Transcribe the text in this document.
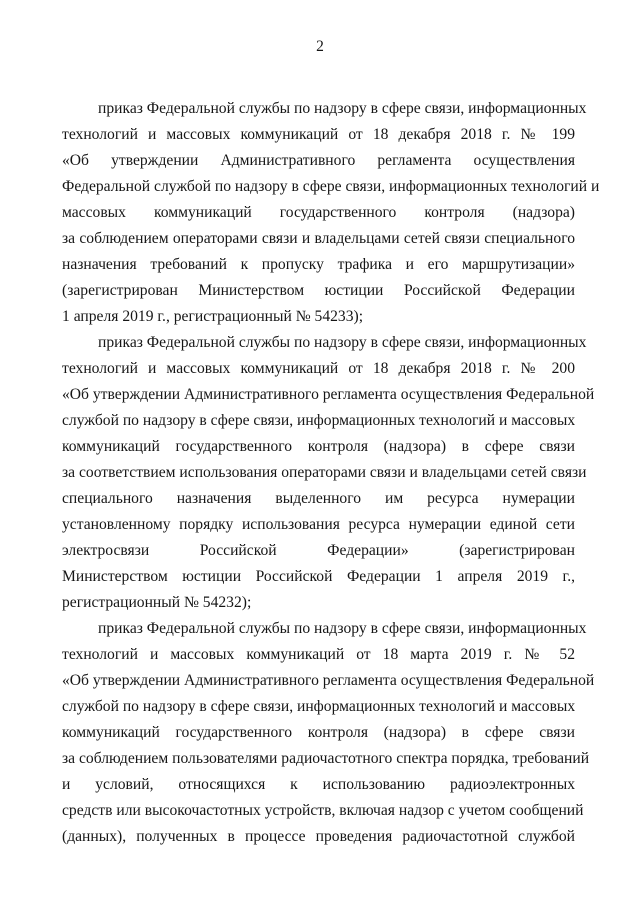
2
приказ Федеральной службы по надзору в сфере связи, информационных
технологий и массовых коммуникаций от 18 декабря 2018 г. № 199
«Об утверждении Административного регламента осуществления
Федеральной службой по надзору в сфере связи, информационных технологий и
массовых коммуникаций государственного контроля (надзора)
за соблюдением операторами связи и владельцами сетей связи специального
назначения требований к пропуску трафика и его маршрутизации»
(зарегистрирован Министерством юстиции Российской Федерации
1 апреля 2019 г., регистрационный № 54233);
приказ Федеральной службы по надзору в сфере связи, информационных
технологий и массовых коммуникаций от 18 декабря 2018 г. № 200
«Об утверждении Административного регламента осуществления Федеральной
службой по надзору в сфере связи, информационных технологий и массовых
коммуникаций государственного контроля (надзора) в сфере связи
за соответствием использования операторами связи и владельцами сетей связи
специального назначения выделенного им ресурса нумерации
установленному порядку использования ресурса нумерации единой сети
электросвязи Российской Федерации» (зарегистрирован
Министерством юстиции Российской Федерации 1 апреля 2019 г.,
регистрационный № 54232);
приказ Федеральной службы по надзору в сфере связи, информационных
технологий и массовых коммуникаций от 18 марта 2019 г. № 52
«Об утверждении Административного регламента осуществления Федеральной
службой по надзору в сфере связи, информационных технологий и массовых
коммуникаций государственного контроля (надзора) в сфере связи
за соблюдением пользователями радиочастотного спектра порядка, требований
и условий, относящихся к использованию радиоэлектронных
средств или высокочастотных устройств, включая надзор с учетом сообщений
(данных), полученных в процессе проведения радиочастотной службой
